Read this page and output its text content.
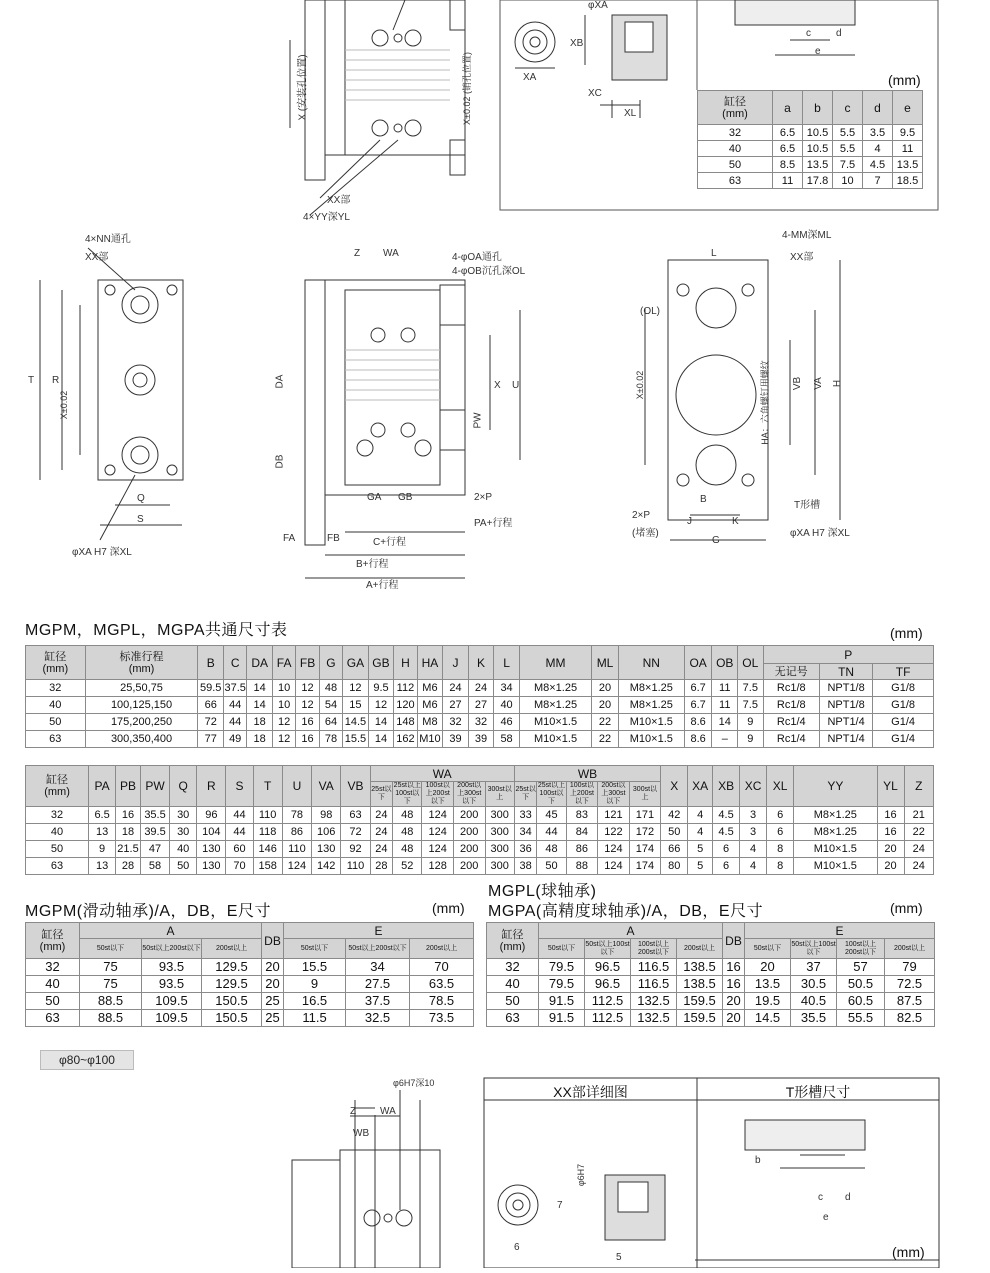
X (安装孔位置)	X±0.02 (销孔位置)
XX部
4×YY深YL
XA
XB
XC
XL
φXA
c	d
e
(mm)
缸径
(mm)	a	b	c	d	e
32	6.5	10.5	5.5	3.5	9.5
40	6.5	10.5	5.5	4	11
50	8.5	13.5	7.5	4.5	13.5
63	11	17.8	10	7	18.5
4×NN通孔
XX部
T R
X±0.02
Q
S
φXA H7 深XL
Z WA	4-φOA通孔
4-φOB沉孔深OL
DA
DB
X U
PW
GA GB	2×P
PA+行程
FA	FB	C+行程
B+行程
A+行程
L
4-MM深ML
XX部
(OL)
X±0.02	VB VA H
HA：六角螺钉用螺纹
T形槽
2×P
(堵塞)
J	K
B
G
φXA H7 深XL
MGPM，MGPL，MGPA共通尺寸表	(mm)
缸径
(mm)	标准行程
(mm)	B	C	DA	FA	FB	G	GA	GB	H	HA	J	K	L	MM	ML	NN	OA	OB	OL	P		
																					无记号	TN	TF
32	25,50,75	59.5	37.5	14	10	12	48	12	9.5	112	M6	24	24	34	M8×1.25	20	M8×1.25	6.7	11	7.5	Rc1/8	NPT1/8	G1/8
40	100,125,150	66	44	14	10	12	54	15	12	120	M6	27	27	40	M8×1.25	20	M8×1.25	6.7	11	7.5	Rc1/8	NPT1/8	G1/8
50	175,200,250	72	44	18	12	16	64	14.5	14	148	M8	32	32	46	M10×1.5	22	M10×1.5	8.6	14	9	Rc1/4	NPT1/4	G1/4
63	300,350,400	77	49	18	12	16	78	15.5	14	162	M10	39	39	58	M10×1.5	22	M10×1.5	8.6	–	9	Rc1/4	NPT1/4	G1/4
缸径
(mm)	PA	PB	PW	Q	R	S	T	U	VA	VB	WA					WB					X	XA	XB	XC	XL	YY	YL	Z
											25st以下	25st以上100st以下	100st以上200st以下	200st以上300st以下	300st以上	25st以下	25st以上100st以下	100st以上200st以下	200st以上300st以下	300st以上								
32	6.5	16	35.5	30	96	44	110	78	98	63	24	48	124	200	300	33	45	83	121	171	42	4	4.5	3	6	M8×1.25	16	21
40	13	18	39.5	30	104	44	118	86	106	72	24	48	124	200	300	34	44	84	122	172	50	4	4.5	3	6	M8×1.25	16	22
50	9	21.5	47	40	130	60	146	110	130	92	24	48	124	200	300	36	48	86	124	174	66	5	6	4	8	M10×1.5	20	24
63	13	28	58	50	130	70	158	124	142	110	28	52	128	200	300	38	50	88	124	174	80	5	6	4	8	M10×1.5	20	24
MGPL(球轴承)
MGPM(滑动轴承)/A，DB，E尺寸	(mm) MGPA(高精度球轴承)/A，DB，E尺寸	(mm)
缸径
(mm)	A			DB	E		
	50st以下	50st以上200st以下	200st以上		50st以下	50st以上200st以下	200st以上
32	75	93.5	129.5	20	15.5	34	70
40	75	93.5	129.5	20	9	27.5	63.5
50	88.5	109.5	150.5	25	16.5	37.5	78.5
63	88.5	109.5	150.5	25	11.5	32.5	73.5
缸径
(mm)	A				DB	E			
	50st以下	50st以上100st以下	100st以上200st以下	200st以上		50st以下	50st以上100st以下	100st以上200st以下	200st以上
32	79.5	96.5	116.5	138.5	16	20	37	57	79
40	79.5	96.5	116.5	138.5	16	13.5	30.5	50.5	72.5
50	91.5	112.5	132.5	159.5	20	19.5	40.5	60.5	87.5
63	91.5	112.5	132.5	159.5	20	14.5	35.5	55.5	82.5
φ80~φ100
φ6H7深10
Z WA
WB
XX部详细图	T形槽尺寸
φ6H7
7
6
5
b
c d
e
(mm)
